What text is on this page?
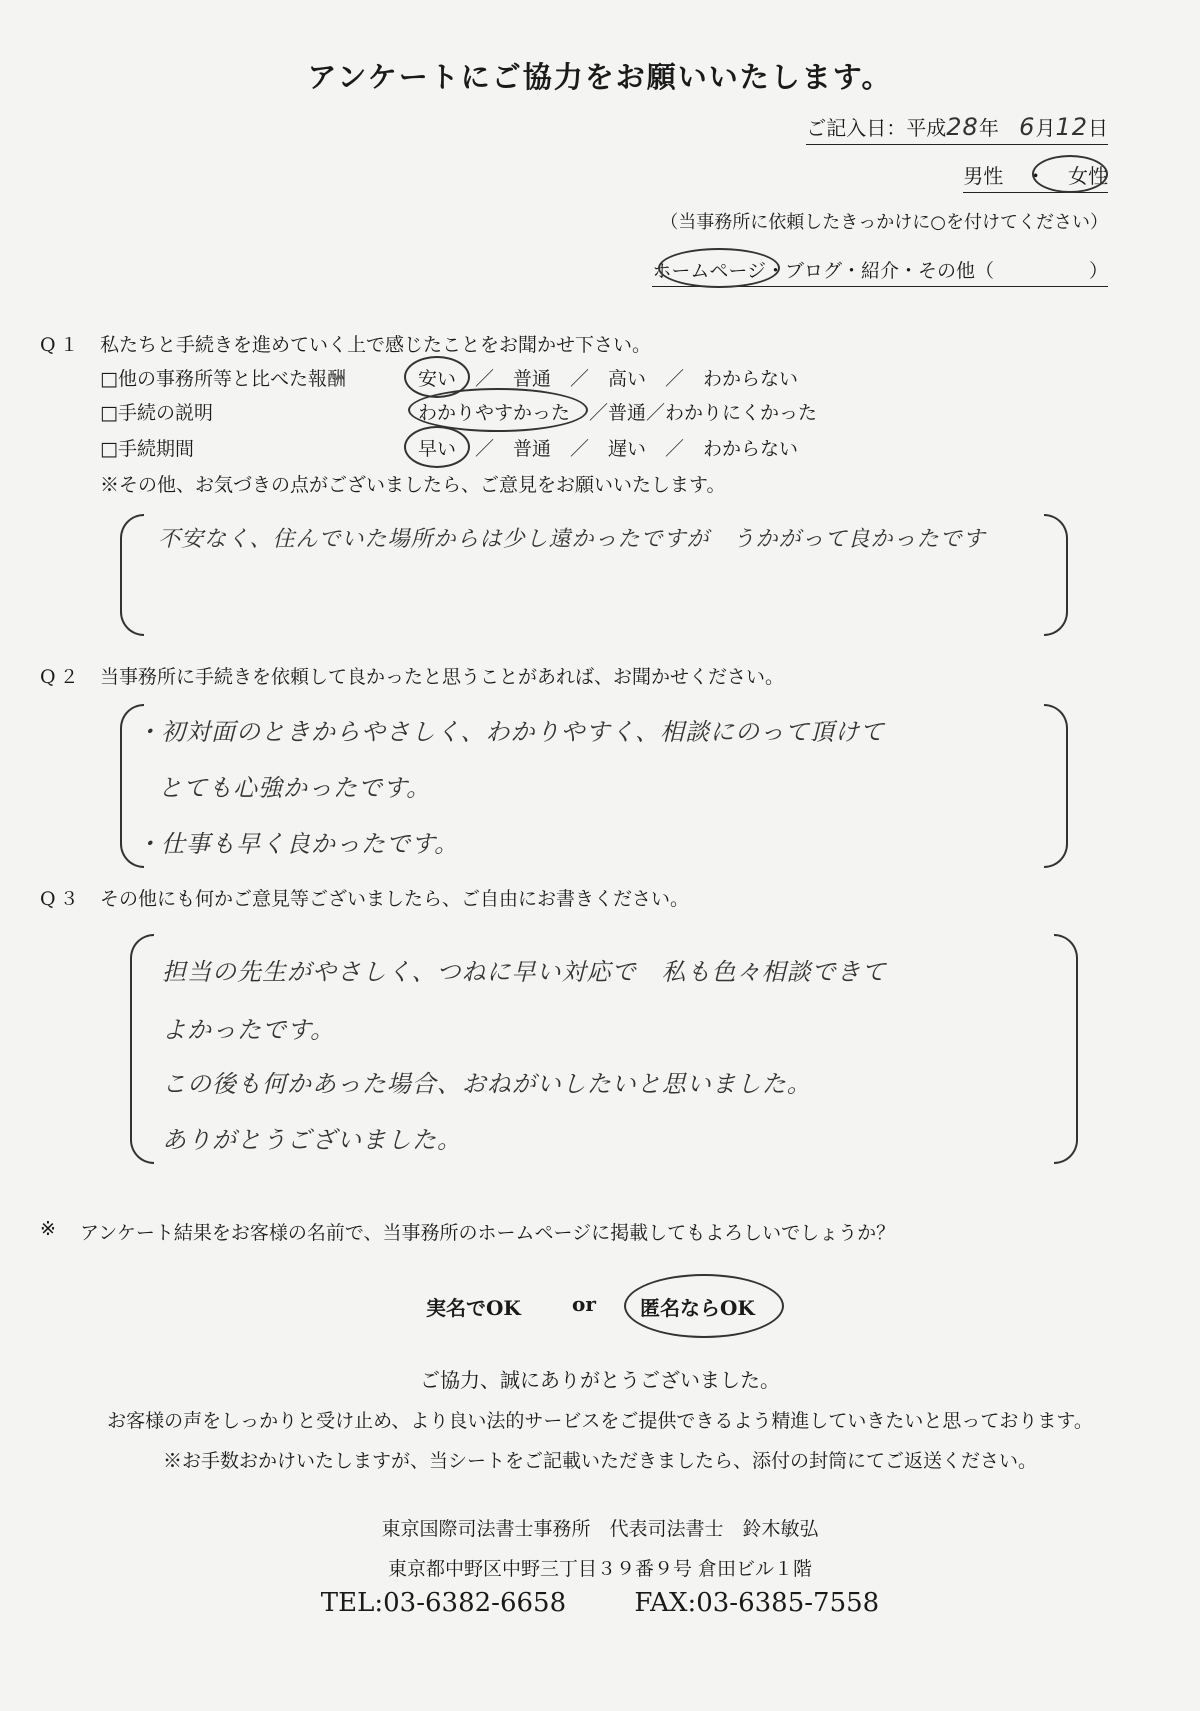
アンケートにご協力をお願いいたします。
ご記入日：平成28年 6月12日
男性 ・ 女性
（当事務所に依頼したきっかけに○を付けてください）
ホームページ・ブログ・紹介・その他（　　　　　）
Q１ 私たちと手続きを進めていく上で感じたことをお聞かせ下さい。
□他の事務所等と比べた報酬	安い　／　普通　／　高い　／　わからない
□手続の説明	わかりやすかった　／普通／わかりにくかった
□手続期間	早い　／　普通　／　遅い　／　わからない
※その他、お気づきの点がございましたら、ご意見をお願いいたします。
不安なく、住んでいた場所からは少し遠かったですが　うかがって良かったです
Q２ 当事務所に手続きを依頼して良かったと思うことがあれば、お聞かせください。
・初対面のときからやさしく、わかりやすく、相談にのって頂けて
とても心強かったです。
・仕事も早く良かったです。
Q３ その他にも何かご意見等ございましたら、ご自由にお書きください。
担当の先生がやさしく、つねに早い対応で　私も色々相談できて
よかったです。
この後も何かあった場合、おねがいしたいと思いました。
ありがとうございました。
※ アンケート結果をお客様の名前で、当事務所のホームページに掲載してもよろしいでしょうか？
実名でOK	or 匿名ならOK
ご協力、誠にありがとうございました。
お客様の声をしっかりと受け止め、より良い法的サービスをご提供できるよう精進していきたいと思っております。
※お手数おかけいたしますが、当シートをご記載いただきましたら、添付の封筒にてご返送ください。
東京国際司法書士事務所　代表司法書士　鈴木敏弘
東京都中野区中野三丁目３９番９号 倉田ビル１階
TEL:03-6382-6658	FAX:03-6385-7558
